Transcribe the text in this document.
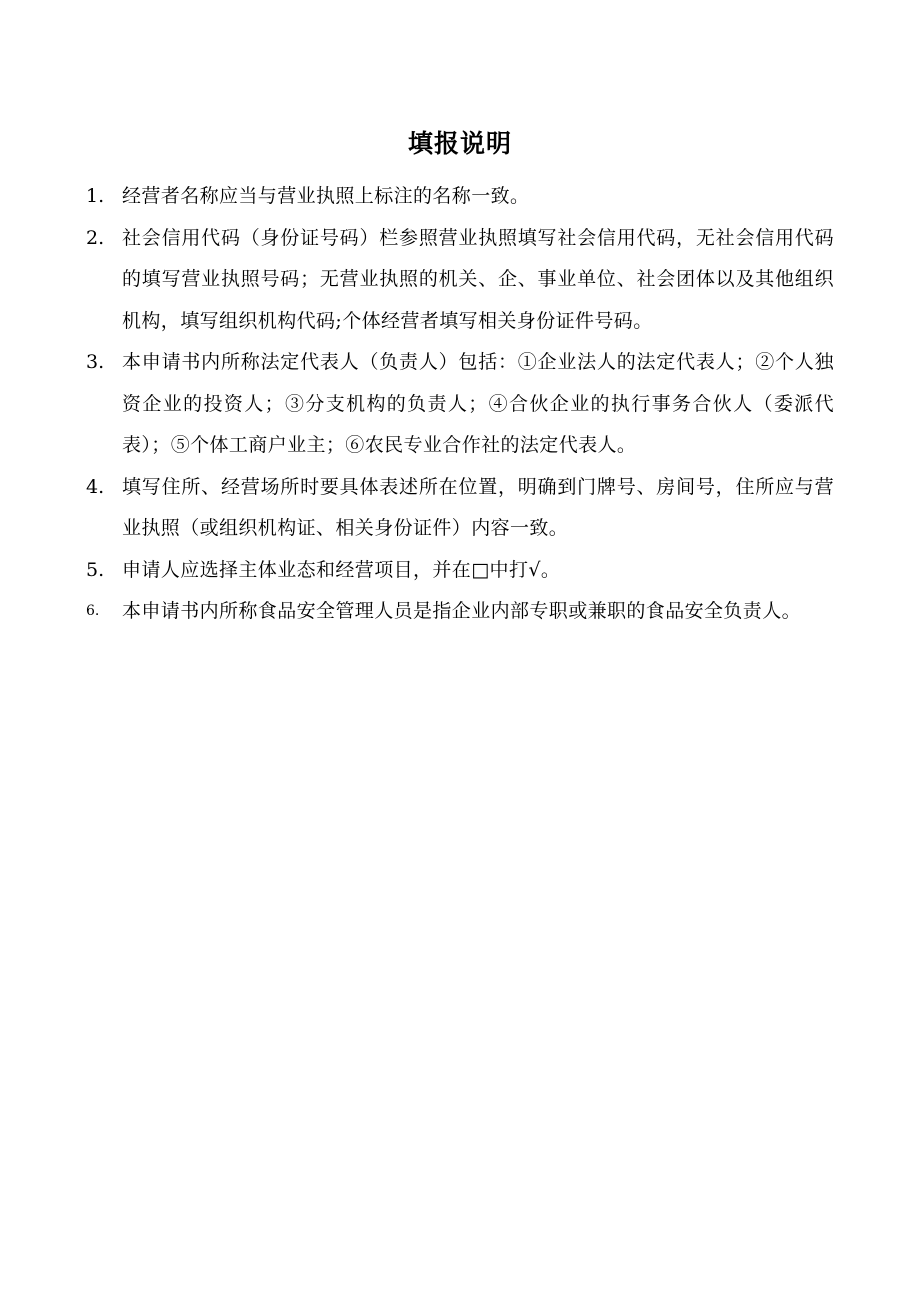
填报说明
1. 经营者名称应当与营业执照上标注的名称一致。
2. 社会信用代码（身份证号码）栏参照营业执照填写社会信用代码，无社会信用代码的填写营业执照号码；无营业执照的机关、企、事业单位、社会团体以及其他组织机构，填写组织机构代码;个体经营者填写相关身份证件号码。
3. 本申请书内所称法定代表人（负责人）包括：①企业法人的法定代表人；②个人独资企业的投资人；③分支机构的负责人；④合伙企业的执行事务合伙人（委派代表）；⑤个体工商户业主；⑥农民专业合作社的法定代表人。
4. 填写住所、经营场所时要具体表述所在位置，明确到门牌号、房间号，住所应与营业执照（或组织机构证、相关身份证件）内容一致。
5. 申请人应选择主体业态和经营项目，并在□中打√。
6.	本申请书内所称食品安全管理人员是指企业内部专职或兼职的食品安全负责人。
